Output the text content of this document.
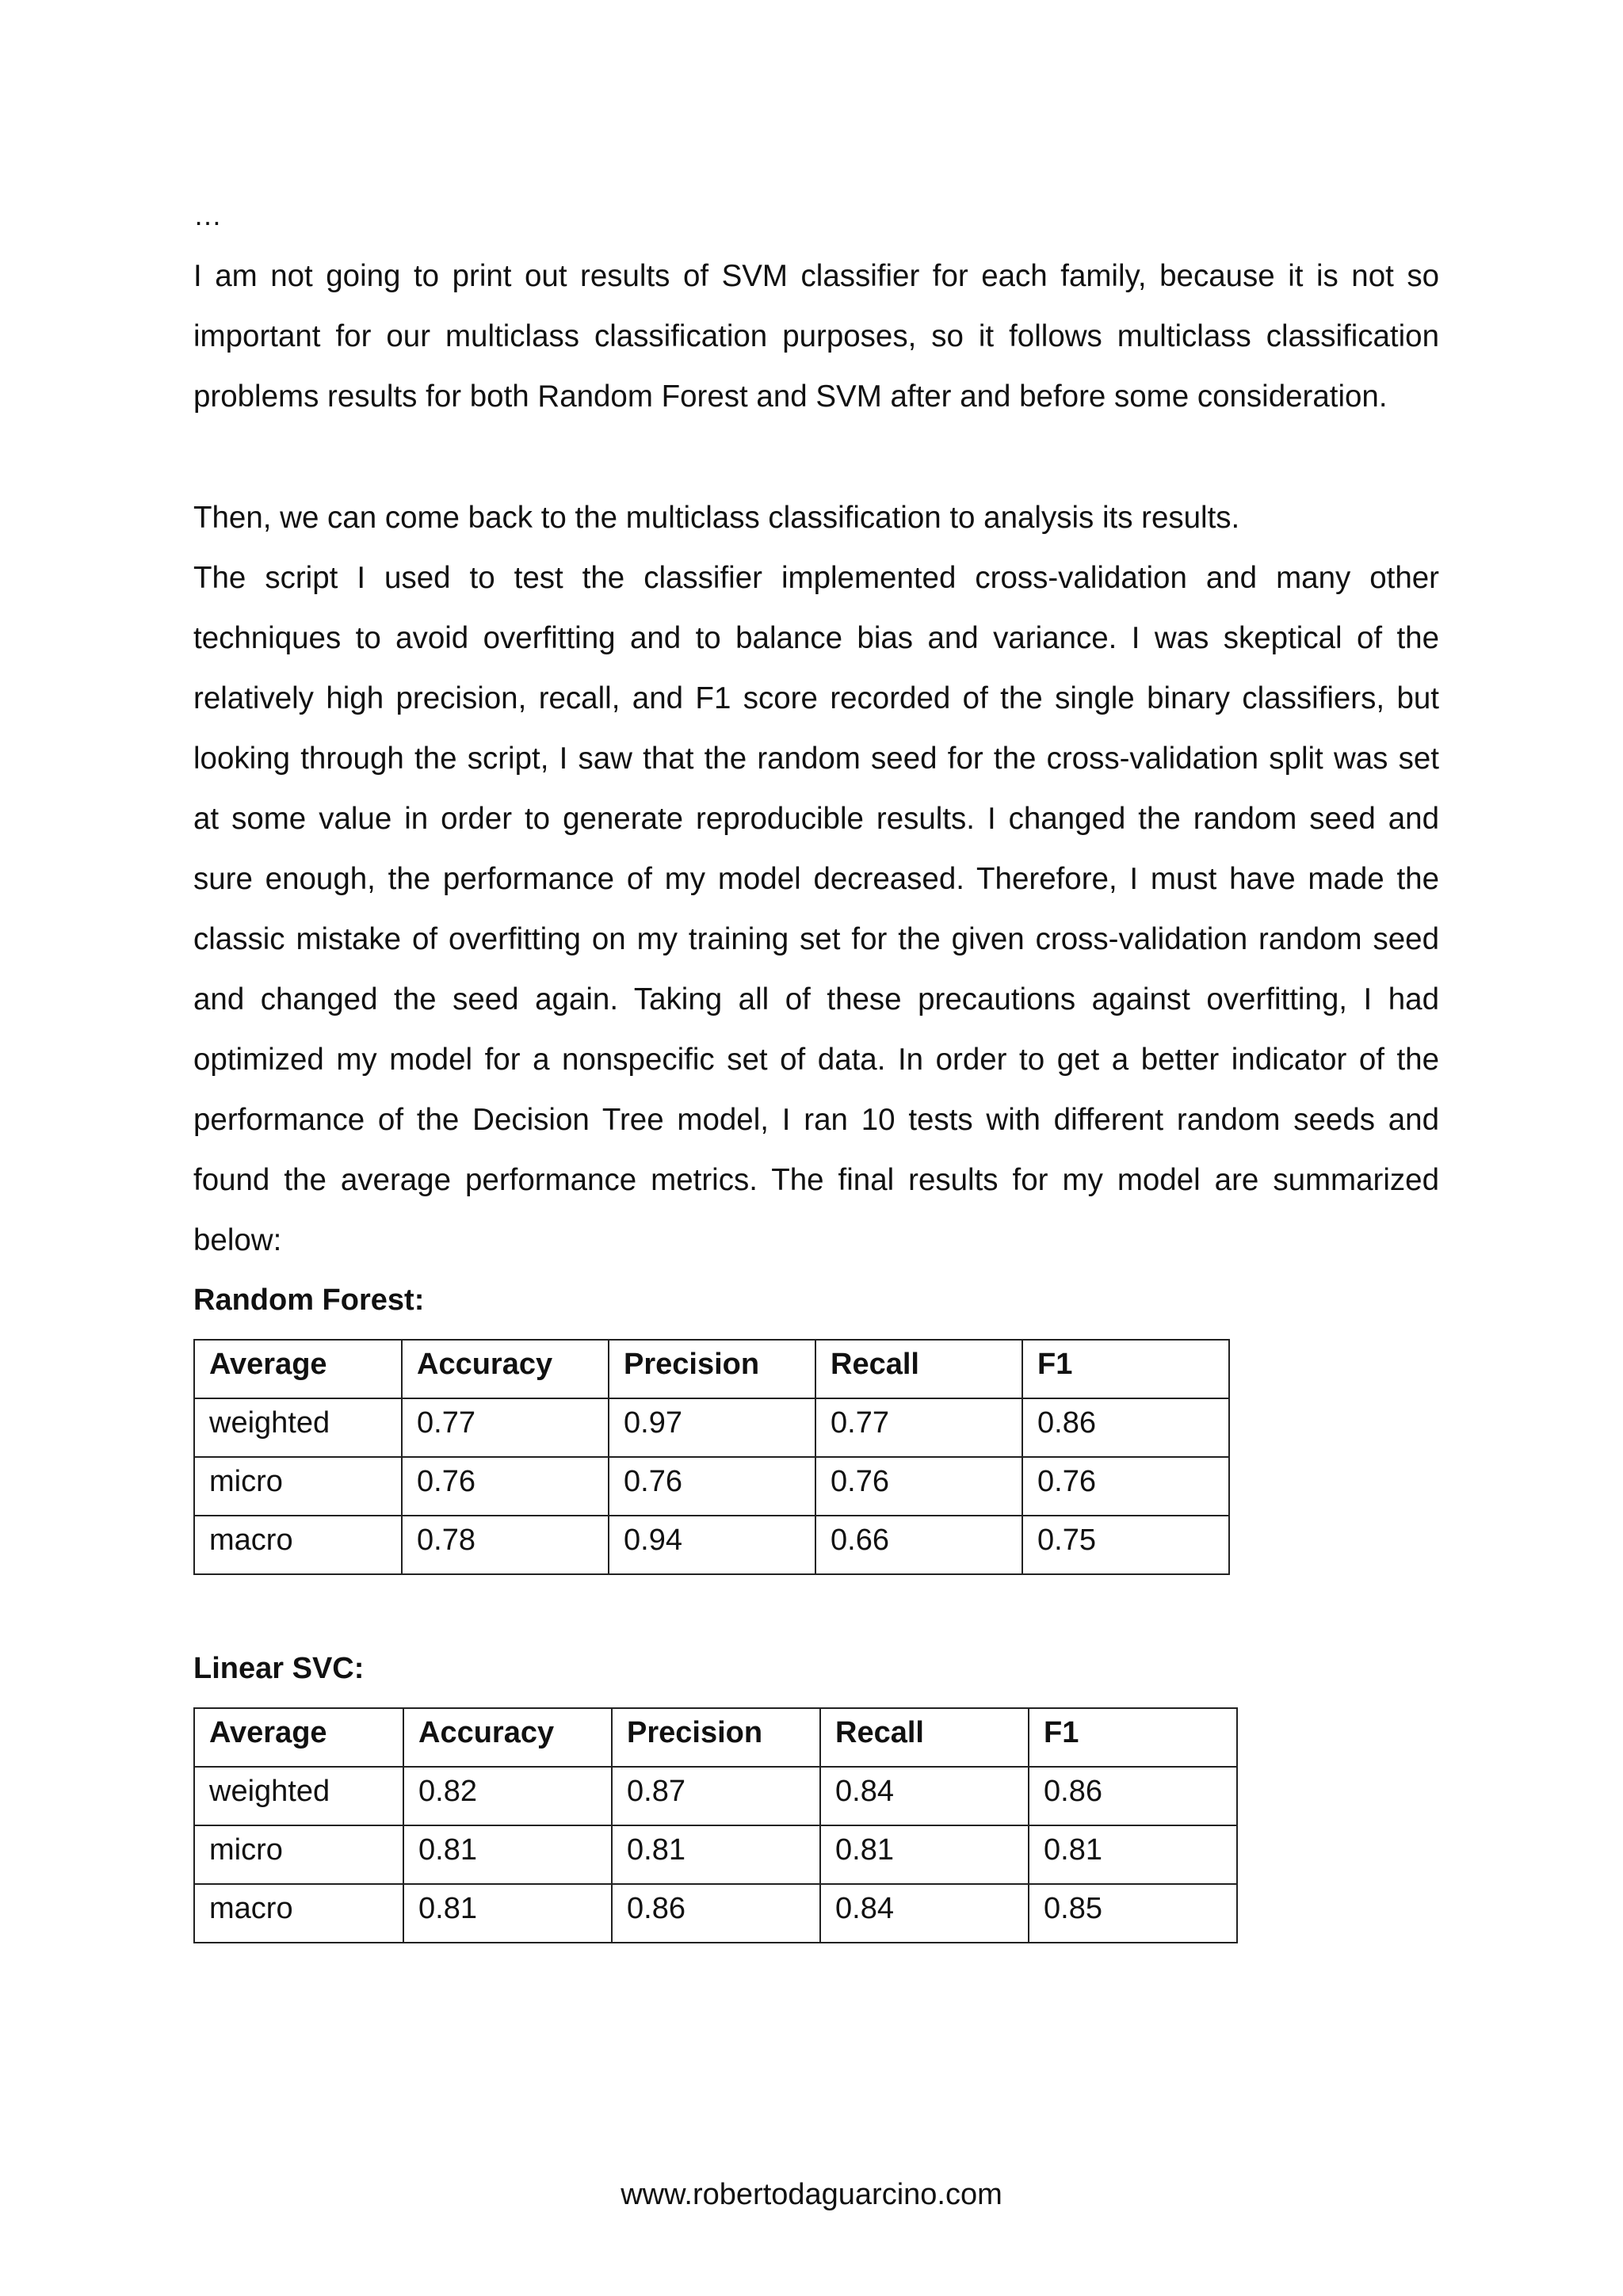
…

I am not going to print out results of SVM classifier for each family, because it is not so important for our multiclass classification purposes, so it follows multiclass classification problems results for both Random Forest and SVM after and before some consideration.

Then, we can come back to the multiclass classification to analysis its results.

The script I used to test the classifier implemented cross-validation and many other techniques to avoid overfitting and to balance bias and variance. I was skeptical of the relatively high precision, recall, and F1 score recorded of the single binary classifiers, but looking through the script, I saw that the random seed for the cross-validation split was set at some value in order to generate reproducible results. I changed the random seed and sure enough, the performance of my model decreased. Therefore, I must have made the classic mistake of overfitting on my training set for the given cross-validation random seed and changed the seed again. Taking all of these precautions against overfitting, I had optimized my model for a nonspecific set of data. In order to get a better indicator of the performance of the Decision Tree model, I ran 10 tests with different random seeds and found the average performance metrics. The final results for my model are summarized below:

Random Forest:
Average	Accuracy	Precision	Recall	F1
weighted	0.77	0.97	0.77	0.86
micro	0.76	0.76	0.76	0.76
macro	0.78	0.94	0.66	0.75
Linear SVC:
Average	Accuracy	Precision	Recall	F1
weighted	0.82	0.87	0.84	0.86
micro	0.81	0.81	0.81	0.81
macro	0.81	0.86	0.84	0.85
www.robertodaguarcino.com
